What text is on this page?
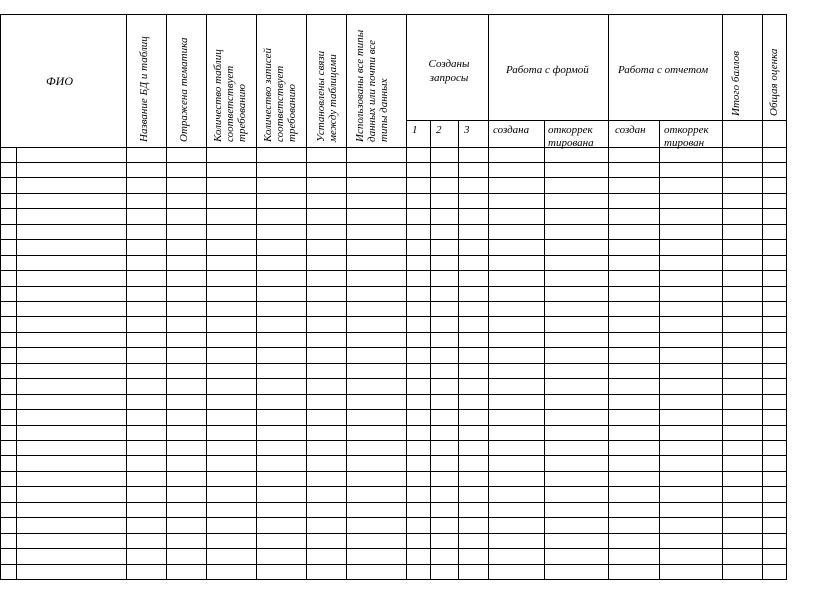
ФИО	Название БД и таблиц	Отражена тематика Количество таблиц соответствует требованию Количество записей соответствует требованию Установлены связи между таблицами Использованы все типы данных или почти все типы данных
Созданы
запросы
1 2 3
Работа с формой
создана откоррек
тирована
Работа с отчетом
создан откоррек
тирован
Итого баллов Общая оценка
